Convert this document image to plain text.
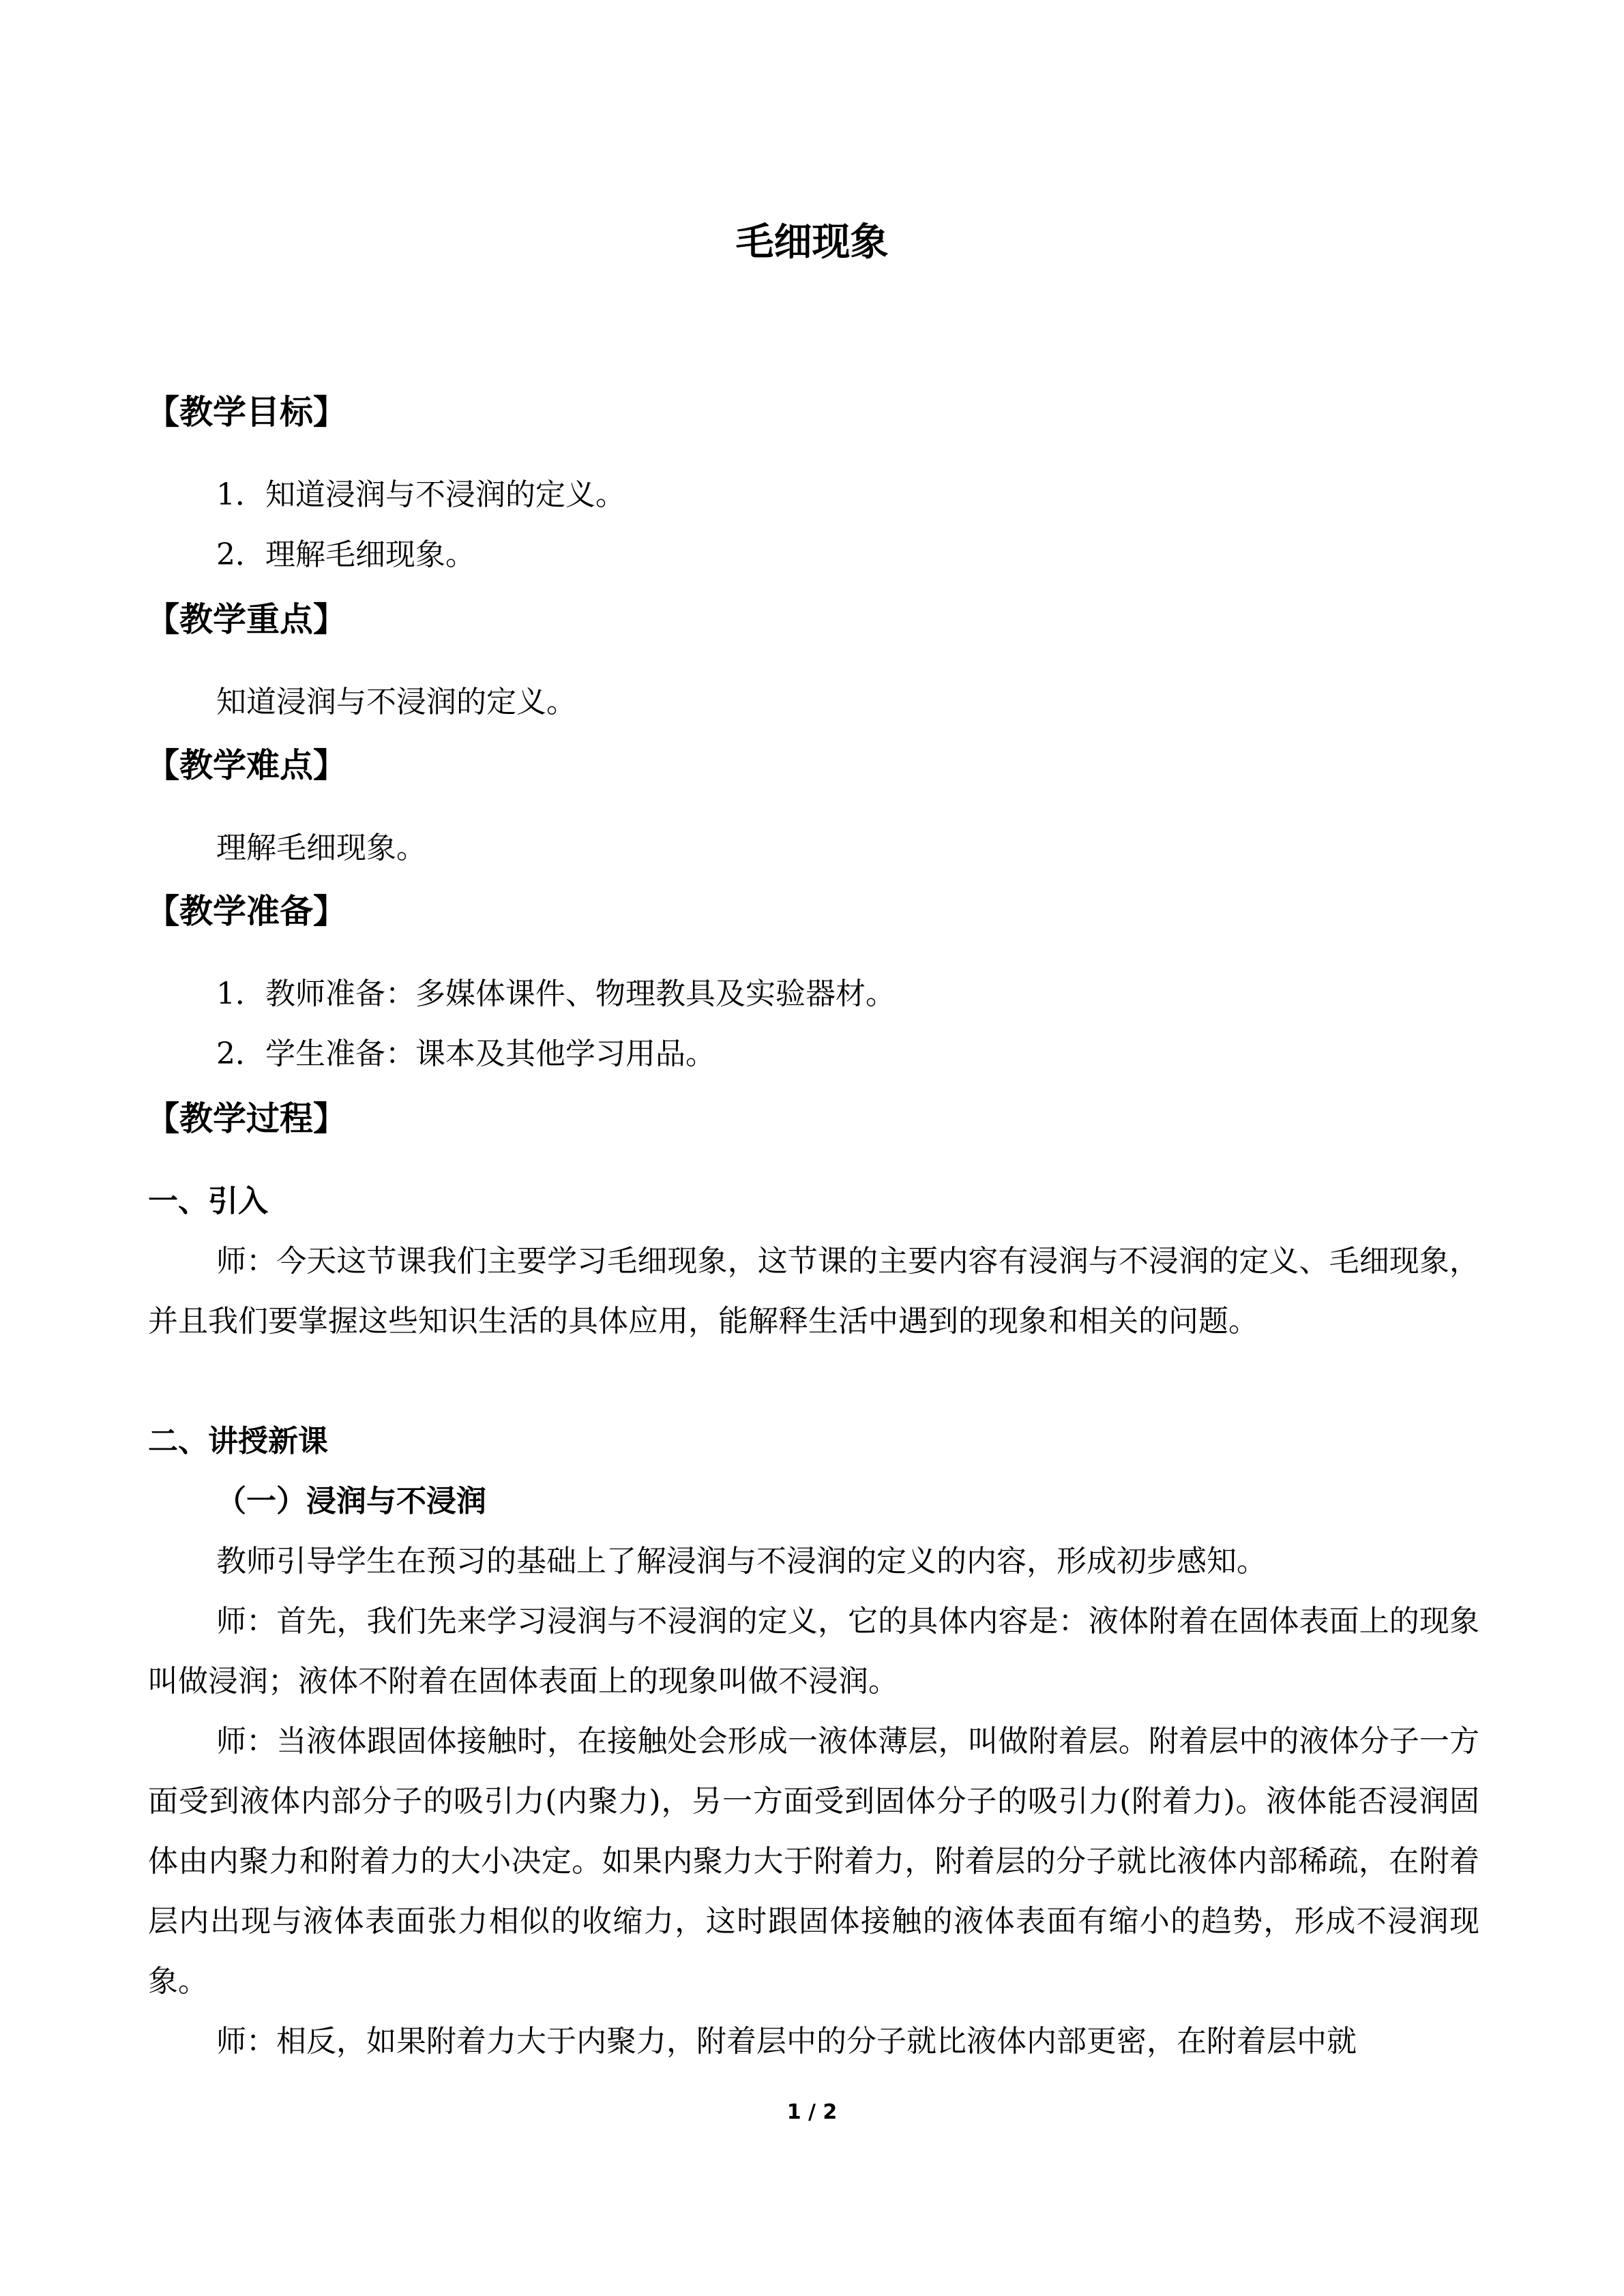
毛细现象
【教学目标】

1．知道浸润与不浸润的定义。

2．理解毛细现象。

【教学重点】

知道浸润与不浸润的定义。

【教学难点】

理解毛细现象。

【教学准备】

1．教师准备：多媒体课件、物理教具及实验器材。

2．学生准备：课本及其他学习用品。

【教学过程】
一、引入

师：今天这节课我们主要学习毛细现象，这节课的主要内容有浸润与不浸润的定义、毛细现象，并且我们要掌握这些知识生活的具体应用，能解释生活中遇到的现象和相关的问题。

二、讲授新课
（一）浸润与不浸润

教师引导学生在预习的基础上了解浸润与不浸润的定义的内容，形成初步感知。

师：首先，我们先来学习浸润与不浸润的定义，它的具体内容是：液体附着在固体表面上的现象叫做浸润；液体不附着在固体表面上的现象叫做不浸润。

师：当液体跟固体接触时，在接触处会形成一液体薄层，叫做附着层。附着层中的液体分子一方面受到液体内部分子的吸引力(内聚力)，另一方面受到固体分子的吸引力(附着力)。液体能否浸润固体由内聚力和附着力的大小决定。如果内聚力大于附着力，附着层的分子就比液体内部稀疏，在附着层内出现与液体表面张力相似的收缩力，这时跟固体接触的液体表面有缩小的趋势，形成不浸润现象。

师：相反，如果附着力大于内聚力，附着层中的分子就比液体内部更密，在附着层中就

1 / 2
